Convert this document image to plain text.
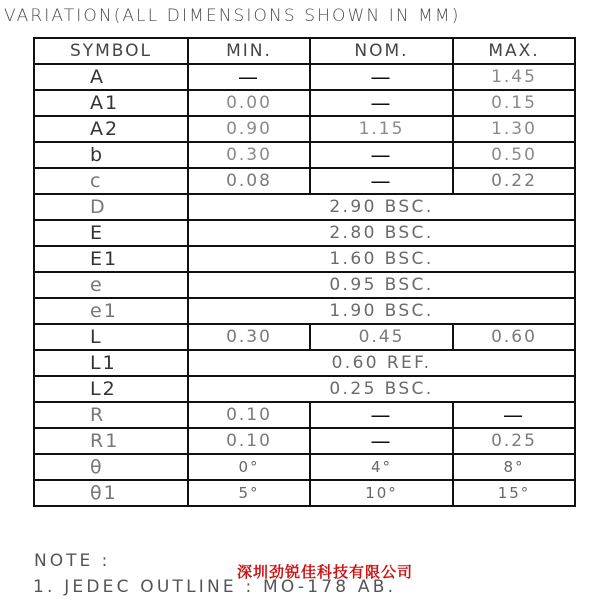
VARIATION(ALL DIMENSIONS SHOWN IN MM)
SYMBOL	MIN.	NOM.	MAX.
A	—	—	1.45
A1	0.00	—	0.15
A2	0.90	1.15	1.30
b	0.30	—	0.50
c	0.08	—	0.22
D	2.90 BSC.		
E	2.80 BSC.		
E1	1.60 BSC.		
e	0.95 BSC.		
e1	1.90 BSC.		
L	0.30	0.45	0.60
L1	0.60 REF.		
L2	0.25 BSC.		
R	0.10	—	—
R1	0.10	—	0.25
θ	0°	4°	8°
θ1	5°	10°	15°
NOTE :
深圳劲锐佳科技有限公司
1. JEDEC OUTLINE : MO-178 AB.
